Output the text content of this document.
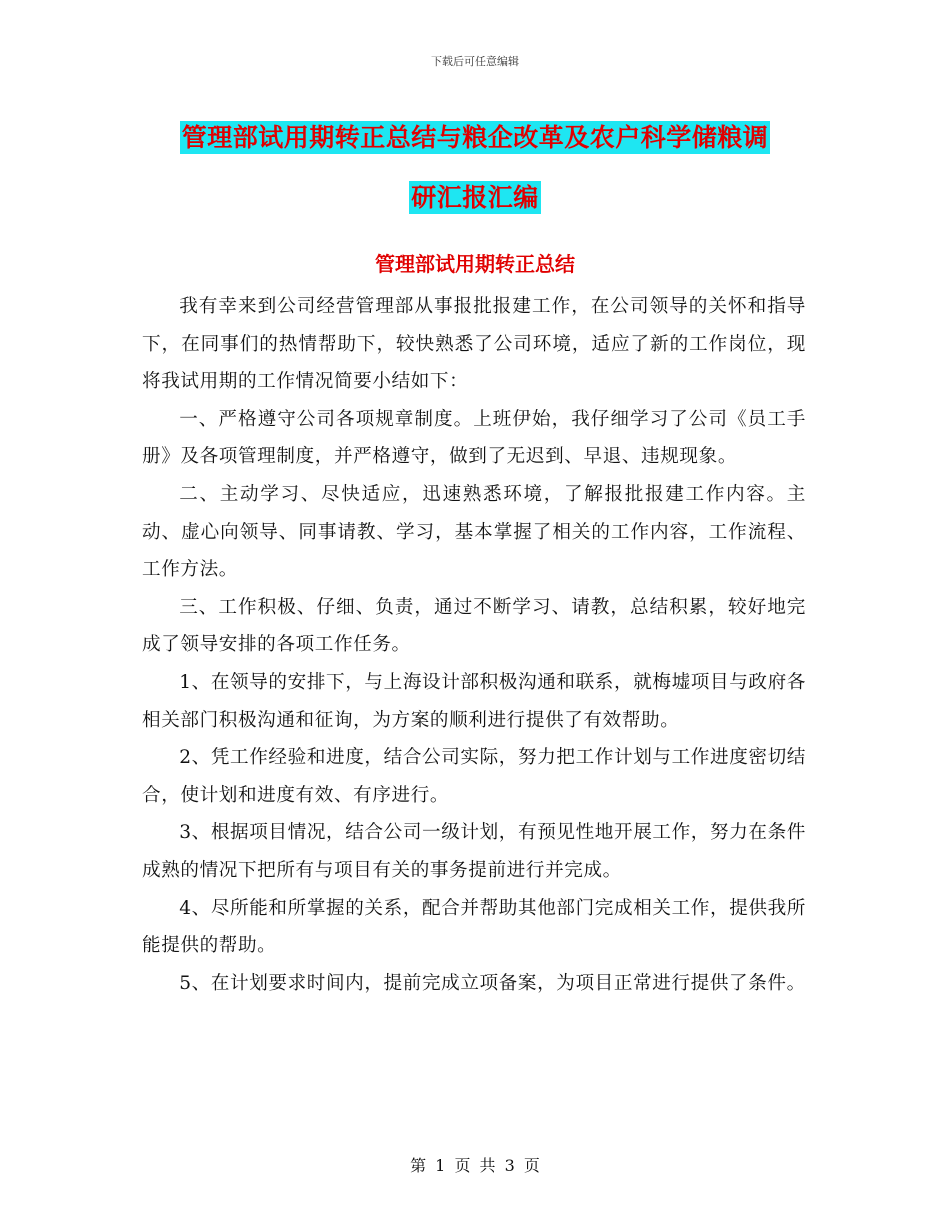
下载后可任意编辑
管理部试用期转正总结与粮企改革及农户科学储粮调
研汇报汇编
管理部试用期转正总结

我有幸来到公司经营管理部从事报批报建工作，在公司领导的关怀和指导下，在同事们的热情帮助下，较快熟悉了公司环境，适应了新的工作岗位，现将我试用期的工作情况简要小结如下：

一、严格遵守公司各项规章制度。上班伊始，我仔细学习了公司《员工手册》及各项管理制度，并严格遵守，做到了无迟到、早退、违规现象。

二、主动学习、尽快适应，迅速熟悉环境，了解报批报建工作内容。主动、虚心向领导、同事请教、学习，基本掌握了相关的工作内容，工作流程、工作方法。

三、工作积极、仔细、负责，通过不断学习、请教，总结积累，较好地完成了领导安排的各项工作任务。

1、在领导的安排下，与上海设计部积极沟通和联系，就梅墟项目与政府各相关部门积极沟通和征询，为方案的顺利进行提供了有效帮助。

2、凭工作经验和进度，结合公司实际，努力把工作计划与工作进度密切结合，使计划和进度有效、有序进行。

3、根据项目情况，结合公司一级计划，有预见性地开展工作，努力在条件成熟的情况下把所有与项目有关的事务提前进行并完成。

4、尽所能和所掌握的关系，配合并帮助其他部门完成相关工作，提供我所能提供的帮助。

5、在计划要求时间内，提前完成立项备案，为项目正常进行提供了条件。

第 1 页 共 3 页
